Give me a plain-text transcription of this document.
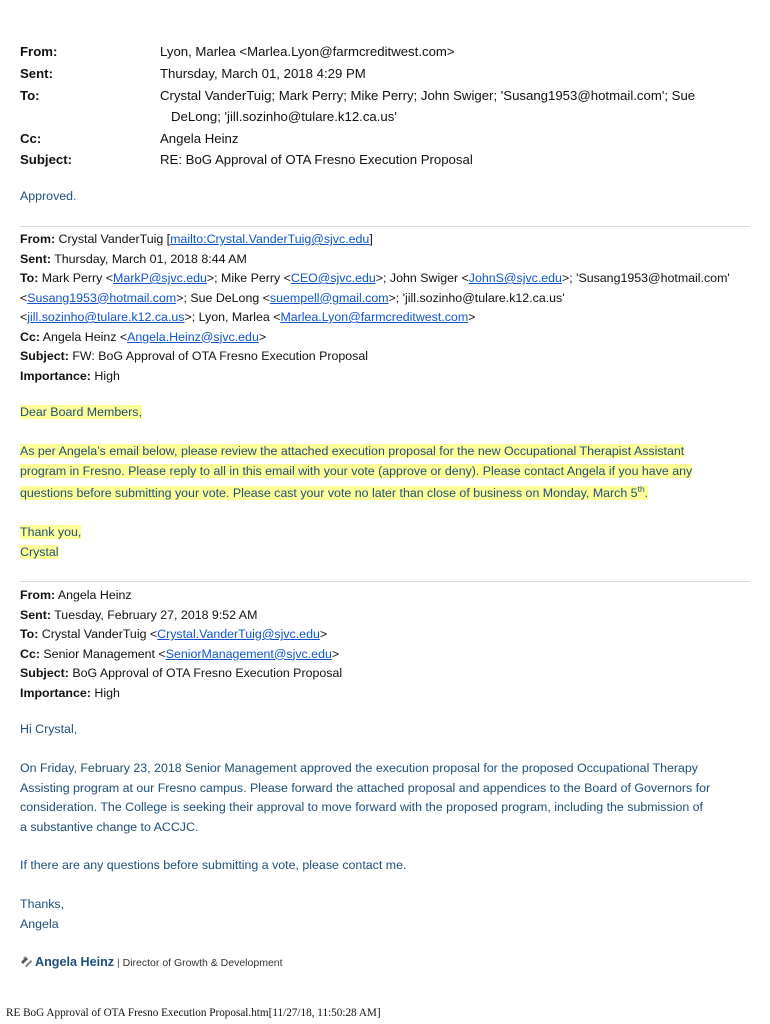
From:	Lyon, Marlea <Marlea.Lyon@farmcreditwest.com>
Sent:	Thursday, March 01, 2018 4:29 PM
To:	Crystal VanderTuig; Mark Perry; Mike Perry; John Swiger; 'Susang1953@hotmail.com'; Sue
DeLong; 'jill.sozinho@tulare.k12.ca.us'
Cc:	Angela Heinz
Subject:	RE: BoG Approval of OTA Fresno Execution Proposal
Approved.
From: Crystal VanderTuig [mailto:Crystal.VanderTuig@sjvc.edu]
Sent: Thursday, March 01, 2018 8:44 AM
To: Mark Perry <MarkP@sjvc.edu>; Mike Perry <CEO@sjvc.edu>; John Swiger <JohnS@sjvc.edu>; 'Susang1953@hotmail.com'
<Susang1953@hotmail.com>; Sue DeLong <suempell@gmail.com>; 'jill.sozinho@tulare.k12.ca.us'
<jill.sozinho@tulare.k12.ca.us>; Lyon, Marlea <Marlea.Lyon@farmcreditwest.com>
Cc: Angela Heinz <Angela.Heinz@sjvc.edu>
Subject: FW: BoG Approval of OTA Fresno Execution Proposal
Importance: High
Dear Board Members,
As per Angela’s email below, please review the attached execution proposal for the new Occupational Therapist Assistant
program in Fresno. Please reply to all in this email with your vote (approve or deny). Please contact Angela if you have any
questions before submitting your vote. Please cast your vote no later than close of business on Monday, March 5th.
Thank you,
Crystal
From: Angela Heinz
Sent: Tuesday, February 27, 2018 9:52 AM
To: Crystal VanderTuig <Crystal.VanderTuig@sjvc.edu>
Cc: Senior Management <SeniorManagement@sjvc.edu>
Subject: BoG Approval of OTA Fresno Execution Proposal
Importance: High
Hi Crystal,
On Friday, February 23, 2018 Senior Management approved the execution proposal for the proposed Occupational Therapy
Assisting program at our Fresno campus. Please forward the attached proposal and appendices to the Board of Governors for
consideration. The College is seeking their approval to move forward with the proposed program, including the submission of
a substantive change to ACCJC.
If there are any questions before submitting a vote, please contact me.
Thanks,
Angela
Angela Heinz | Director of Growth & Development
RE BoG Approval of OTA Fresno Execution Proposal.htm[11/27/18, 11:50:28 AM]
